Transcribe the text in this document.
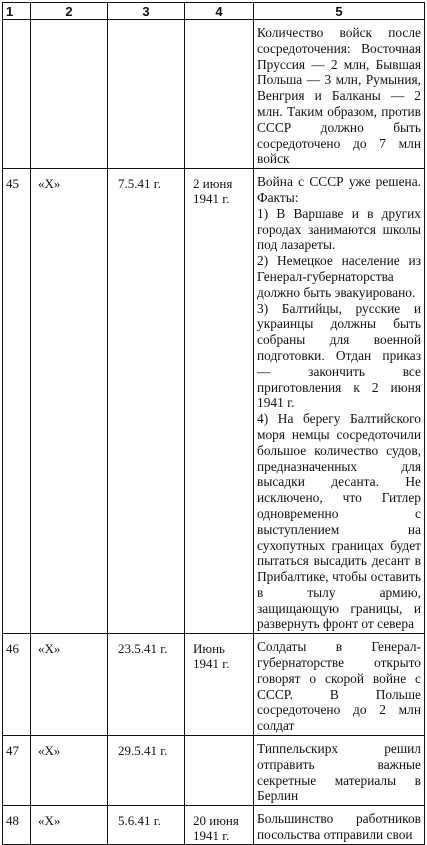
1	2	3	4	5
				Количество войск после сосредоточения: Восточная Пруссия — 2 млн, Бывшая Польша — 3 млн, Румыния, Венгрия и Балканы — 2 млн. Таким образом, против СССР должно быть сосредоточено до 7 млн войск
45	«X»	7.5.41 г.	2 июня 1941 г.	Война с СССР уже решена. Факты:

1) В Варшаве и в других городах занимаются школы под лазареты.

2) Немецкое население из Генерал-губернаторства должно быть эвакуировано.

3) Балтийцы, русские и украинцы должны быть собраны для военной подготовки. Отдан приказ — закончить все приготовления к 2 июня 1941 г.

4) На берегу Балтийского моря немцы сосредоточили большое количество судов, предназначенных для высадки десанта. Не исключено, что Гитлер одновременно с выступлением на сухопутных границах будет пытаться высадить десант в Прибалтике, чтобы оставить в тылу армию, защищающую границы, и развернуть фронт от севера

46	«X»	23.5.41 г.	Июнь 1941 г.	Солдаты в Генерал-губернаторстве открыто говорят о скорой войне с СССР. В Польше сосредоточено до 2 млн солдат
47	«X»	29.5.41 г.		Типпельскирх решил отправить важные секретные материалы в Берлин
48	«X»	5.6.41 г.	20 июня 1941 г.	Большинство работников посольства отправили свои
